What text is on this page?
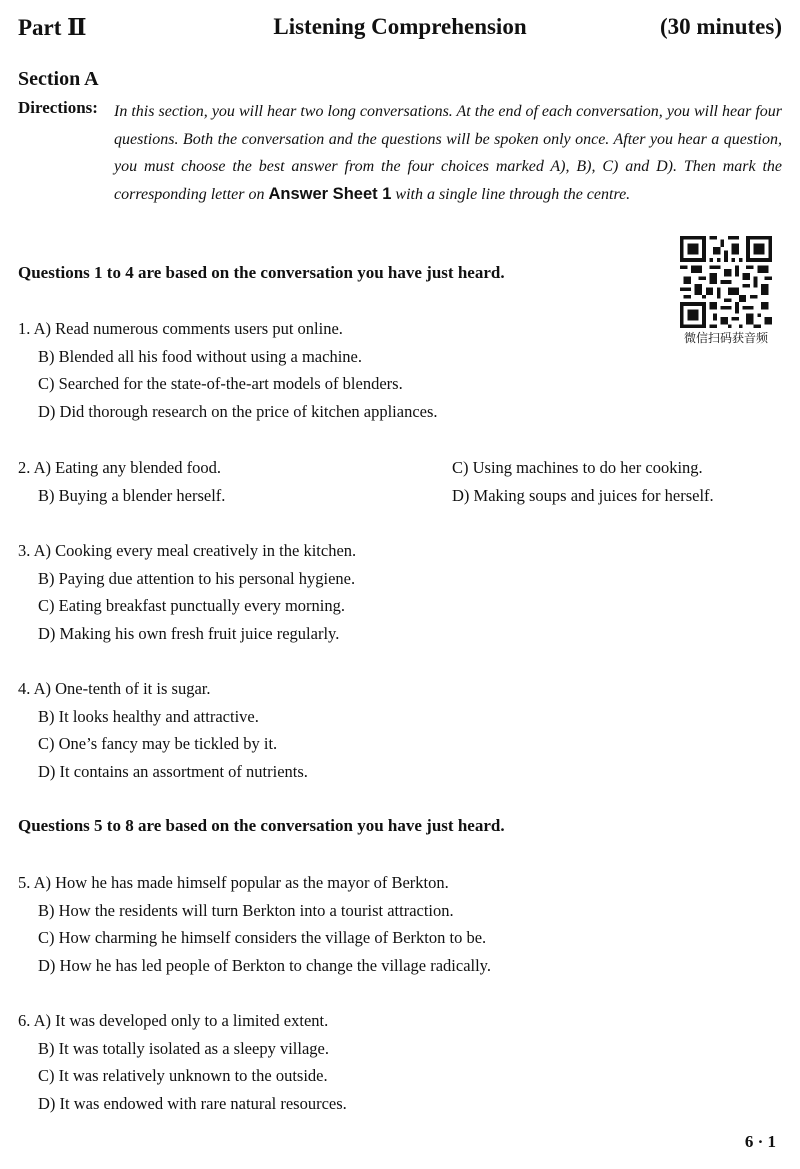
Part Ⅱ	Listening Comprehension	(30 minutes)
Section A
Directions: In this section, you will hear two long conversations. At the end of each conversation, you will hear four questions. Both the conversation and the questions will be spoken only once. After you hear a question, you must choose the best answer from the four choices marked A), B), C) and D). Then mark the corresponding letter on Answer Sheet 1 with a single line through the centre.
Questions 1 to 4 are based on the conversation you have just heard.
微信扫码获音频
1. A) Read numerous comments users put online.
B) Blended all his food without using a machine.
C) Searched for the state-of-the-art models of blenders.
D) Did thorough research on the price of kitchen appliances.
2. A) Eating any blended food.
B) Buying a blender herself.
C) Using machines to do her cooking.
D) Making soups and juices for herself.
3. A) Cooking every meal creatively in the kitchen.
B) Paying due attention to his personal hygiene.
C) Eating breakfast punctually every morning.
D) Making his own fresh fruit juice regularly.
4. A) One-tenth of it is sugar.
B) It looks healthy and attractive.
C) One’s fancy may be tickled by it.
D) It contains an assortment of nutrients.
Questions 5 to 8 are based on the conversation you have just heard.
5. A) How he has made himself popular as the mayor of Berkton.
B) How the residents will turn Berkton into a tourist attraction.
C) How charming he himself considers the village of Berkton to be.
D) How he has led people of Berkton to change the village radically.
6. A) It was developed only to a limited extent.
B) It was totally isolated as a sleepy village.
C) It was relatively unknown to the outside.
D) It was endowed with rare natural resources.
6 · 1
